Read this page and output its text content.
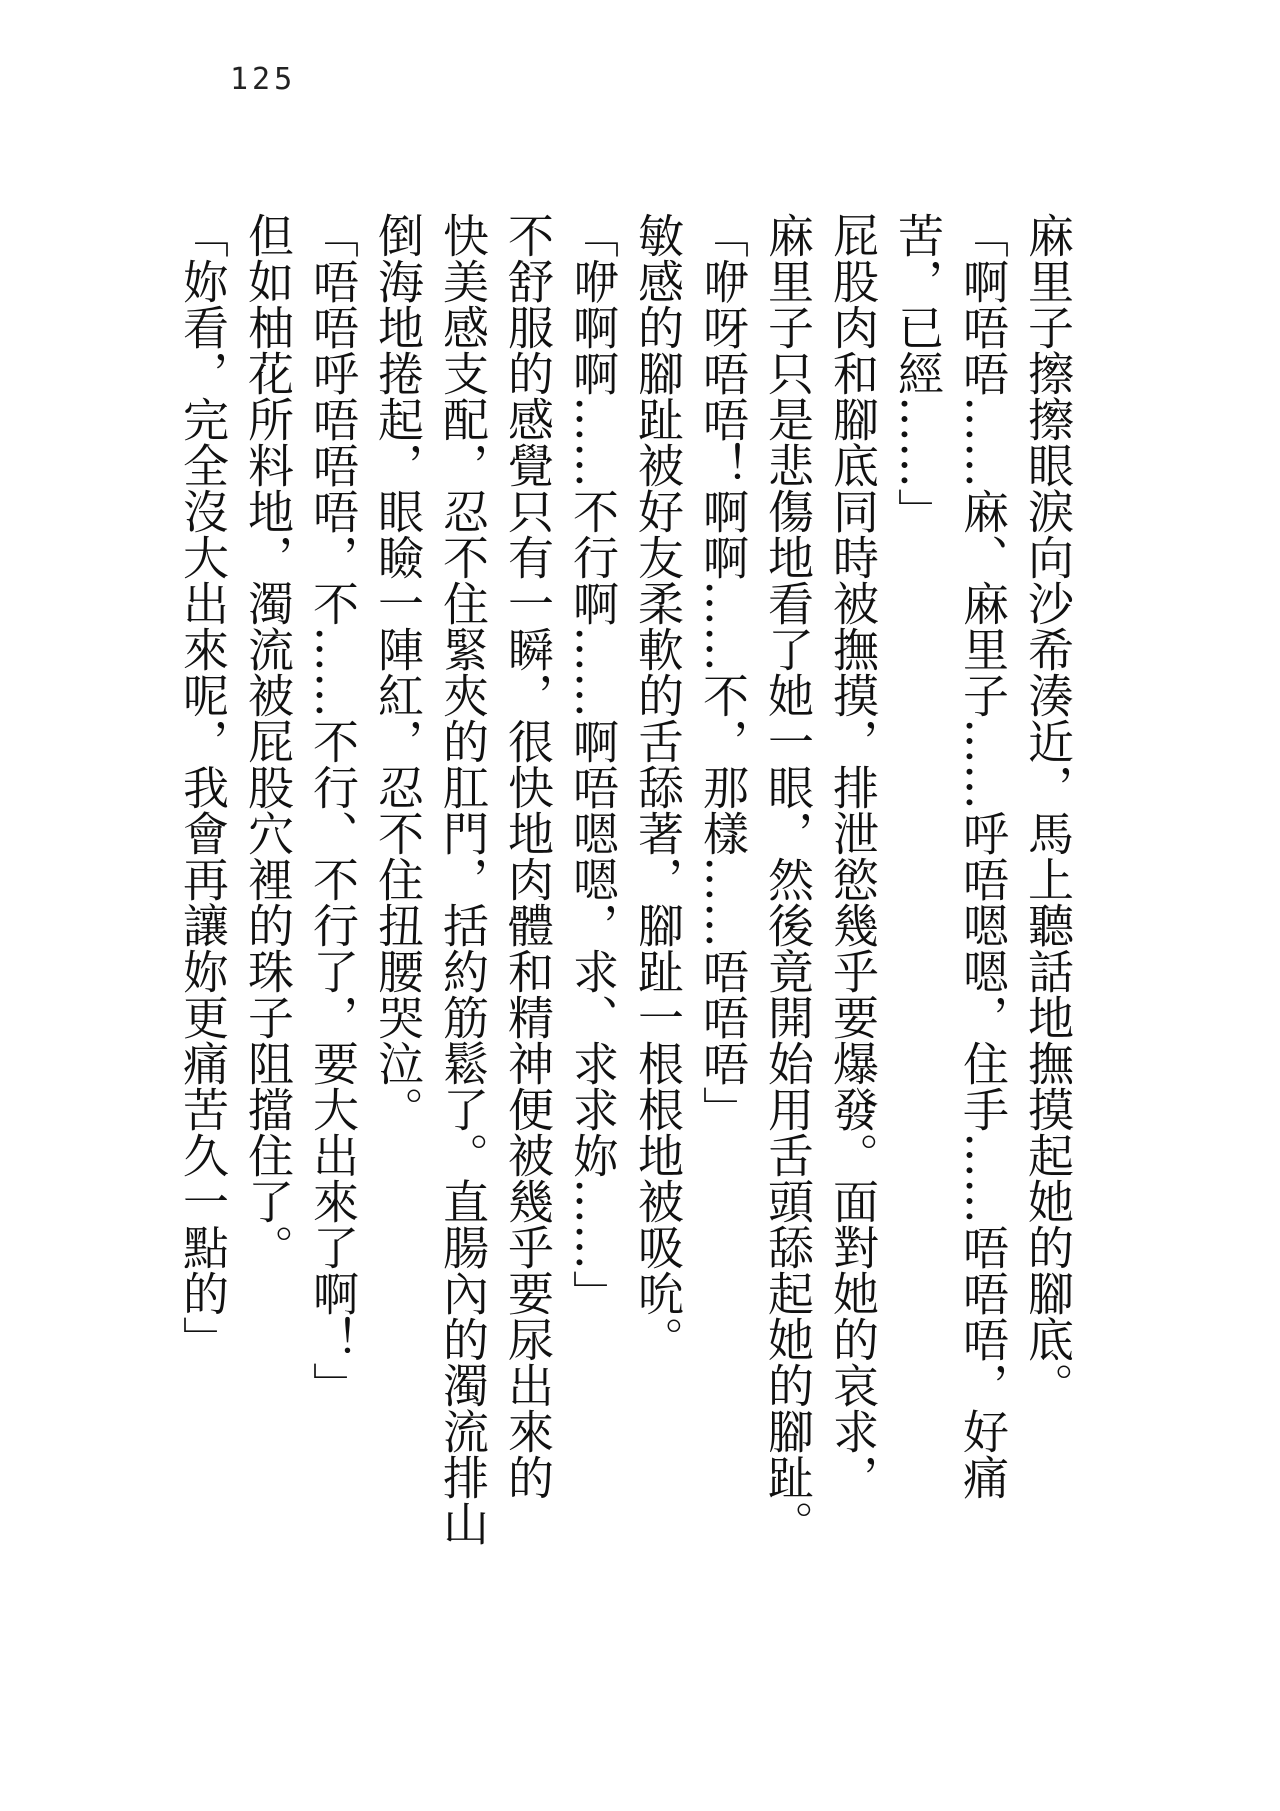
125
麻里子擦擦眼淚向沙希湊近，馬上聽話地撫摸起她的腳底。
「啊唔唔……麻、麻里子……呼唔嗯嗯，住手……唔唔唔，好痛
苦，已經……」
屁股肉和腳底同時被撫摸，排泄慾幾乎要爆發。面對她的哀求，
麻里子只是悲傷地看了她一眼，然後竟開始用舌頭舔起她的腳趾。
「咿呀唔唔！啊啊……不，那樣……唔唔唔」
敏感的腳趾被好友柔軟的舌舔著，腳趾一根根地被吸吮。
「咿啊啊……不行啊……啊唔嗯嗯，求、求求妳……」
不舒服的感覺只有一瞬，很快地肉體和精神便被幾乎要尿出來的
快美感支配，忍不住緊夾的肛門，括約筋鬆了。直腸內的濁流排山
倒海地捲起，眼瞼一陣紅，忍不住扭腰哭泣。
「唔唔呼唔唔唔，不……不行、不行了，要大出來了啊！」
但如柚花所料地，濁流被屁股穴裡的珠子阻擋住了。
「妳看，完全沒大出來呢，我會再讓妳更痛苦久一點的」
